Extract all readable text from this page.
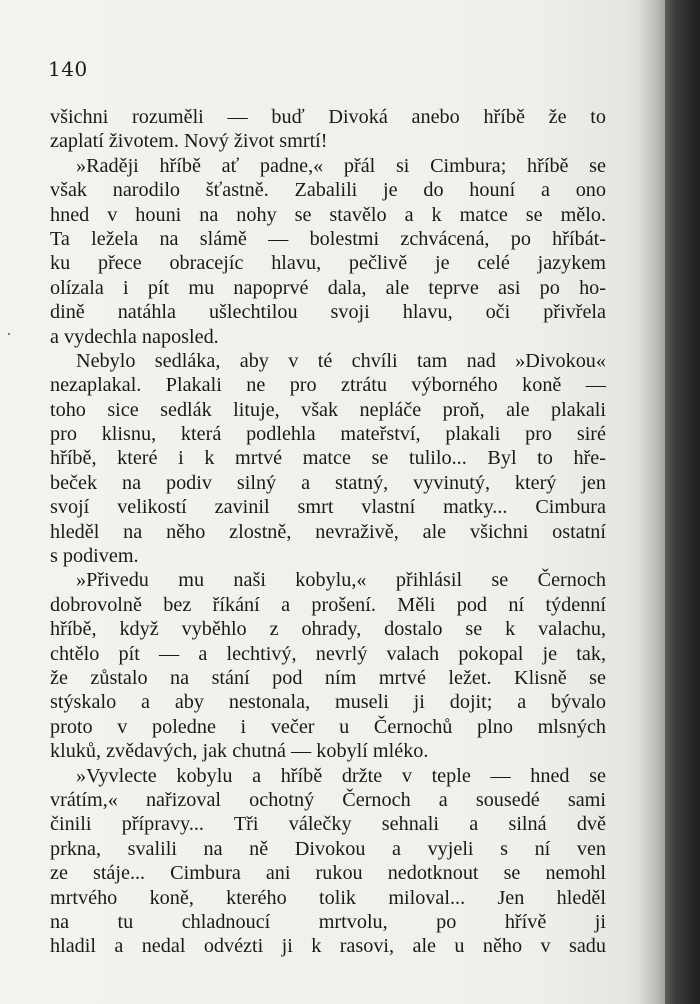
140
všichni rozuměli — buď Divoká anebo hříbě že to
zaplatí životem. Nový život smrtí!
»Raději hříbě ať padne,« přál si Cimbura; hříbě se
však narodilo šťastně. Zabalili je do houní a ono
hned v houni na nohy se stavělo a k matce se mělo.
Ta ležela na slámě — bolestmi zchvácená, po hříbát-
ku přece obracejíc hlavu, pečlivě je celé jazykem
olízala i pít mu napoprvé dala, ale teprve asi po ho-
dině natáhla ušlechtilou svoji hlavu, oči přivřela
a vydechla naposled.
Nebylo sedláka, aby v té chvíli tam nad »Divokou«
nezaplakal. Plakali ne pro ztrátu výborného koně —
toho sice sedlák lituje, však nepláče proň, ale plakali
pro klisnu, která podlehla mateřství, plakali pro siré
hříbě, které i k mrtvé matce se tulilo... Byl to hře-
beček na podiv silný a statný, vyvinutý, který jen
svojí velikostí zavinil smrt vlastní matky... Cimbura
hleděl na něho zlostně, nevraživě, ale všichni ostatní
s podivem.
»Přivedu mu naši kobylu,« přihlásil se Černoch
dobrovolně bez říkání a prošení. Měli pod ní týdenní
hříbě, když vyběhlo z ohrady, dostalo se k valachu,
chtělo pít — a lechtivý, nevrlý valach pokopal je tak,
že zůstalo na stání pod ním mrtvé ležet. Klisně se
stýskalo a aby nestonala, museli ji dojit; a bývalo
proto v poledne i večer u Černochů plno mlsných
kluků, zvědavých, jak chutná — kobylí mléko.
»Vyvlecte kobylu a hříbě držte v teple — hned se
vrátím,« nařizoval ochotný Černoch a sousedé sami
činili přípravy... Tři válečky sehnali a silná dvě
prkna, svalili na ně Divokou a vyjeli s ní ven
ze stáje... Cimbura ani rukou nedotknout se nemohl
mrtvého koně, kterého tolik miloval... Jen hleděl
na tu chladnoucí mrtvolu, po hřívě ji
hladil a nedal odvézti ji k rasovi, ale u něho v sadu
